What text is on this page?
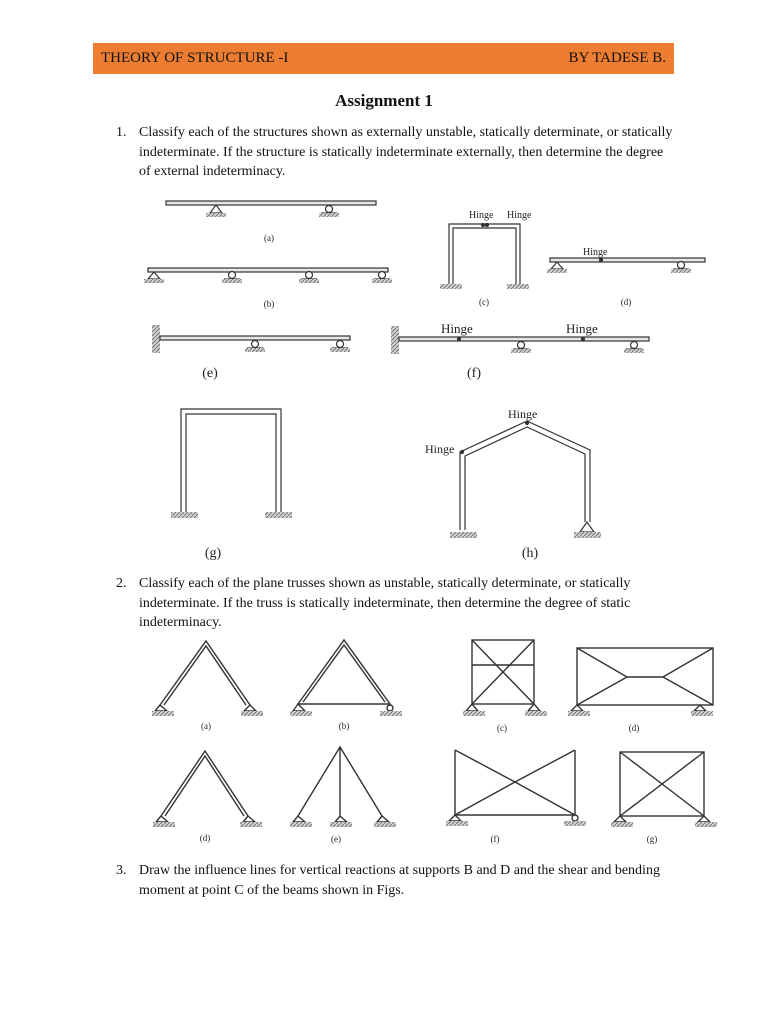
THEORY OF STRUCTURE -I	BY TADESE B.
Assignment 1
1. Classify each of the structures shown as externally unstable, statically determinate, or statically indeterminate. If the structure is statically indeterminate externally, then determine the degree of external indeterminacy.
2. Classify each of the plane trusses shown as unstable, statically determinate, or statically indeterminate. If the truss is statically indeterminate, then determine the degree of static indeterminacy.
3. Draw the influence lines for vertical reactions at supports B and D and the shear and bending moment at point C of the beams shown in Figs.
(a)
(b)
Hinge Hinge
(c)
Hinge
(d)
(e)
Hinge	Hinge
(f)
(g)
Hinge
Hinge
(h)
(a)	(b)	(c)	(d)
(d)	(e)	(f)	(g)
